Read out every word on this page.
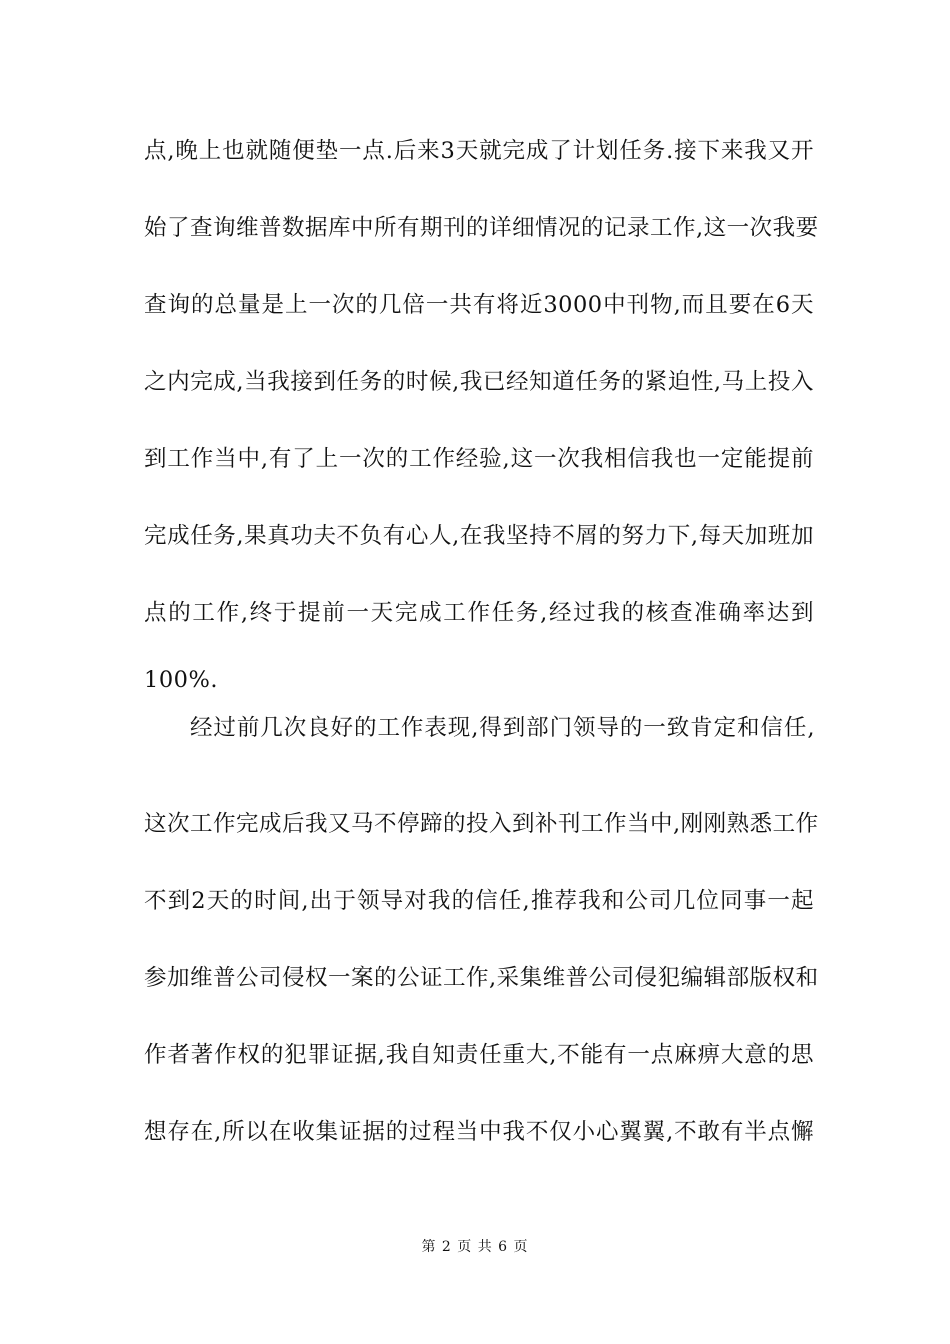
点,晚上也就随便垫一点.后来3天就完成了计划任务.接下来我又开
始了查询维普数据库中所有期刊的详细情况的记录工作,这一次我要
查询的总量是上一次的几倍一共有将近3000中刊物,而且要在6天
之内完成,当我接到任务的时候,我已经知道任务的紧迫性,马上投入
到工作当中,有了上一次的工作经验,这一次我相信我也一定能提前
完成任务,果真功夫不负有心人,在我坚持不屑的努力下,每天加班加
点的工作,终于提前一天完成工作任务,经过我的核查准确率达到
100%.
经过前几次良好的工作表现,得到部门领导的一致肯定和信任,
这次工作完成后我又马不停蹄的投入到补刊工作当中,刚刚熟悉工作
不到2天的时间,出于领导对我的信任,推荐我和公司几位同事一起
参加维普公司侵权一案的公证工作,采集维普公司侵犯编辑部版权和
作者著作权的犯罪证据,我自知责任重大,不能有一点麻痹大意的思
想存在,所以在收集证据的过程当中我不仅小心翼翼,不敢有半点懈
第 2 页 共 6 页
